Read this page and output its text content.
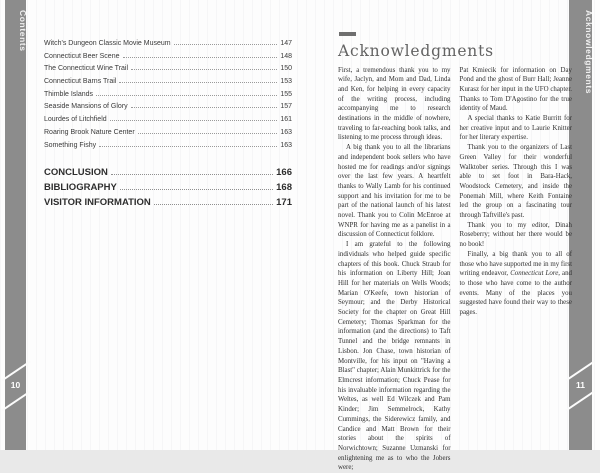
Contents
10
Acknowledgments
11
Witch's Dungeon Classic Movie Museum	147
Connecticut Beer Scene	148
The Connecticut Wine Trail	150
Connecticut Barns Trail	153
Thimble Islands	155
Seaside Mansions of Glory	157
Lourdes of Litchfield	161
Roaring Brook Nature Center	163
Something Fishy	163
CONCLUSION	166
BIBLIOGRAPHY	168
VISITOR INFORMATION	171
Acknowledgments

First, a tremendous thank you to my wife, Jaclyn, and Mom and Dad, Linda and Ken, for helping in every capacity of the writing process, including accompanying me to research destinations in the middle of nowhere, traveling to far-reaching book talks, and listening to me process through ideas.

A big thank you to all the librarians and independent book sellers who have hosted me for readings and/or signings over the last few years. A heartfelt thanks to Wally Lamb for his continued support and his invitation for me to be part of the national launch of his latest novel. Thank you to Colin McEnroe at WNPR for having me as a panelist in a discussion of Connecticut folklore.

I am grateful to the following individuals who helped guide specific chapters of this book. Chuck Straub for his information on Liberty Hill; Joan Hill for her materials on Wells Woods; Marian O'Keefe, town historian of Seymour; and the Derby Historical Society for the chapter on Great Hill Cemetery; Thomas Sparkman for the information (and the directions) to Taft Tunnel and the bridge remnants in Lisbon. Jon Chase, town historian of Montville, for his input on "Having a Blast" chapter; Alain Munkittrick for the Elmcrest information; Chuck Pease for his invaluable information regarding the Weltes, as well Ed Wilczek and Pam Kinder; Jim Semmelrock, Kathy Cummings, the Siderewicz family, and Candice and Matt Brown for their stories about the spirits of Norwichtown; Suzanne Uzmanski for enlightening me as to who the Jobers were;

Pat Kmiecik for information on Day Pond and the ghost of Burr Hall; Jeanne Kurasz for her input in the UFO chapter. Thanks to Tom D'Agostino for the true identity of Maud.

A special thanks to Katie Burritt for her creative input and to Laurie Knitter for her literary expertise.

Thank you to the organizers of Last Green Valley for their wonderful Walktober series. Through this I was able to set foot in Bara-Hack, Woodstock Cemetery, and inside the Ponemah Mill, where Keith Fontaine led the group on a fascinating tour through Taftville's past.

Thank you to my editor, Dinah Roseberry; without her there would be no book!

Finally, a big thank you to all of those who have supported me in my first writing endeavor, Connecticut Lore, and to those who have come to the author events. Many of the places you suggested have found their way to these pages.
